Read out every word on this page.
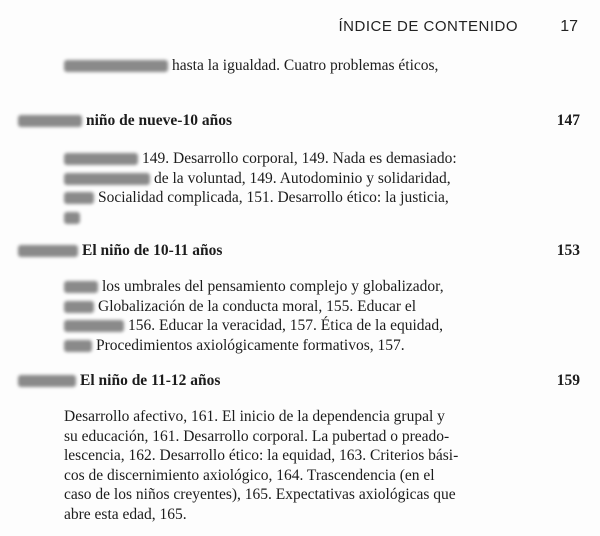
ÍNDICE DE CONTENIDO	17
hasta la igualdad. Cuatro problemas éticos,
niño de nueve-10 años	147
149. Desarrollo corporal, 149. Nada es demasiado:
de la voluntad, 149. Autodominio y solidaridad,
Socialidad complicada, 151. Desarrollo ético: la justicia,
El niño de 10-11 años	153
los umbrales del pensamiento complejo y globalizador,
Globalización de la conducta moral, 155. Educar el
156. Educar la veracidad, 157. Ética de la equidad,
Procedimientos axiológicamente formativos, 157.
El niño de 11-12 años	159
Desarrollo afectivo, 161. El inicio de la dependencia grupal y
su educación, 161. Desarrollo corporal. La pubertad o preado-
lescencia, 162. Desarrollo ético: la equidad, 163. Criterios bási-
cos de discernimiento axiológico, 164. Trascendencia (en el
caso de los niños creyentes), 165. Expectativas axiológicas que
abre esta edad, 165.
